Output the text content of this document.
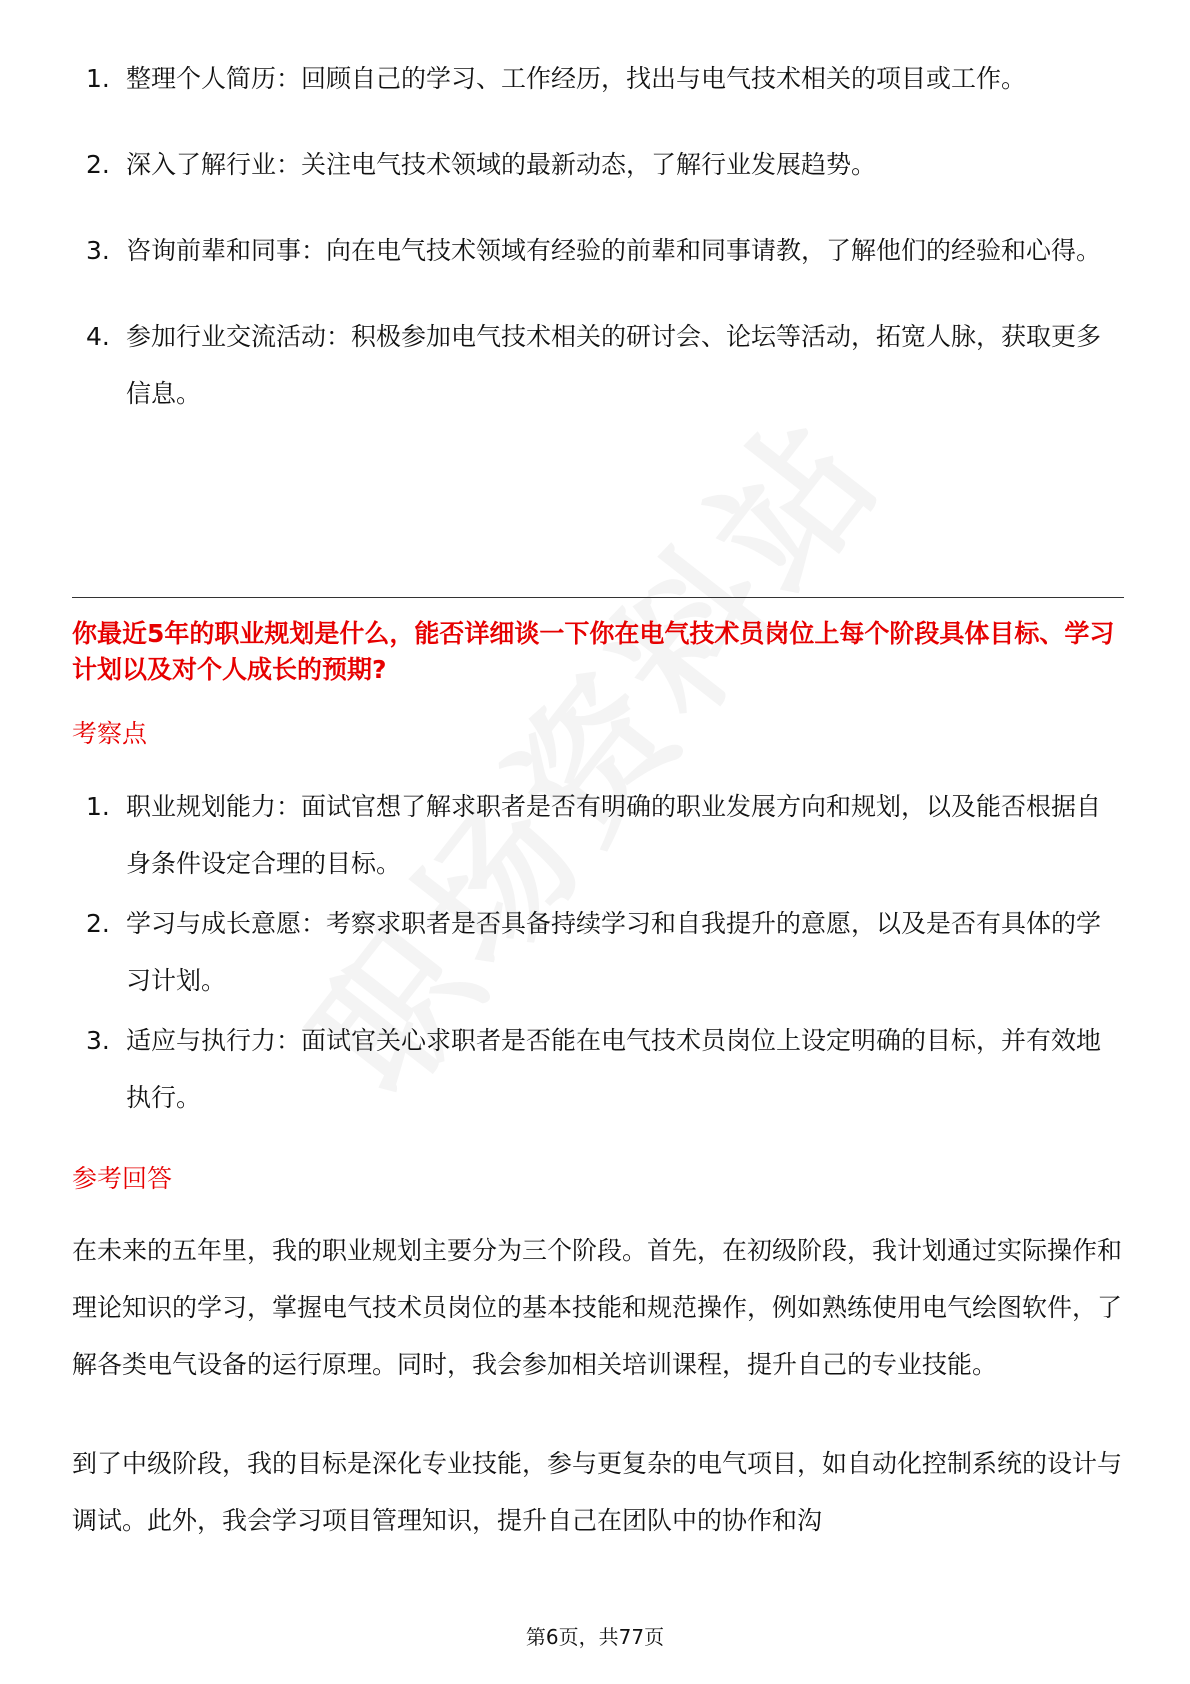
1. 整理个人简历：回顾自己的学习、工作经历，找出与电气技术相关的项目或工作。
2. 深入了解行业：关注电气技术领域的最新动态，了解行业发展趋势。
3. 咨询前辈和同事：向在电气技术领域有经验的前辈和同事请教，了解他们的经验和心得。
4. 参加行业交流活动：积极参加电气技术相关的研讨会、论坛等活动，拓宽人脉，获取更多信息。
你最近5年的职业规划是什么，能否详细谈一下你在电气技术员岗位上每个阶段具体目标、学习计划以及对个人成长的预期?
考察点
1. 职业规划能力：面试官想了解求职者是否有明确的职业发展方向和规划，以及能否根据自身条件设定合理的目标。
2. 学习与成长意愿：考察求职者是否具备持续学习和自我提升的意愿，以及是否有具体的学习计划。
3. 适应与执行力：面试官关心求职者是否能在电气技术员岗位上设定明确的目标，并有效地执行。
参考回答

在未来的五年里，我的职业规划主要分为三个阶段。首先，在初级阶段，我计划通过实际操作和理论知识的学习，掌握电气技术员岗位的基本技能和规范操作，例如熟练使用电气绘图软件，了解各类电气设备的运行原理。同时，我会参加相关培训课程，提升自己的专业技能。

到了中级阶段，我的目标是深化专业技能，参与更复杂的电气项目，如自动化控制系统的设计与调试。此外，我会学习项目管理知识，提升自己在团队中的协作和沟

第6页，共77页
